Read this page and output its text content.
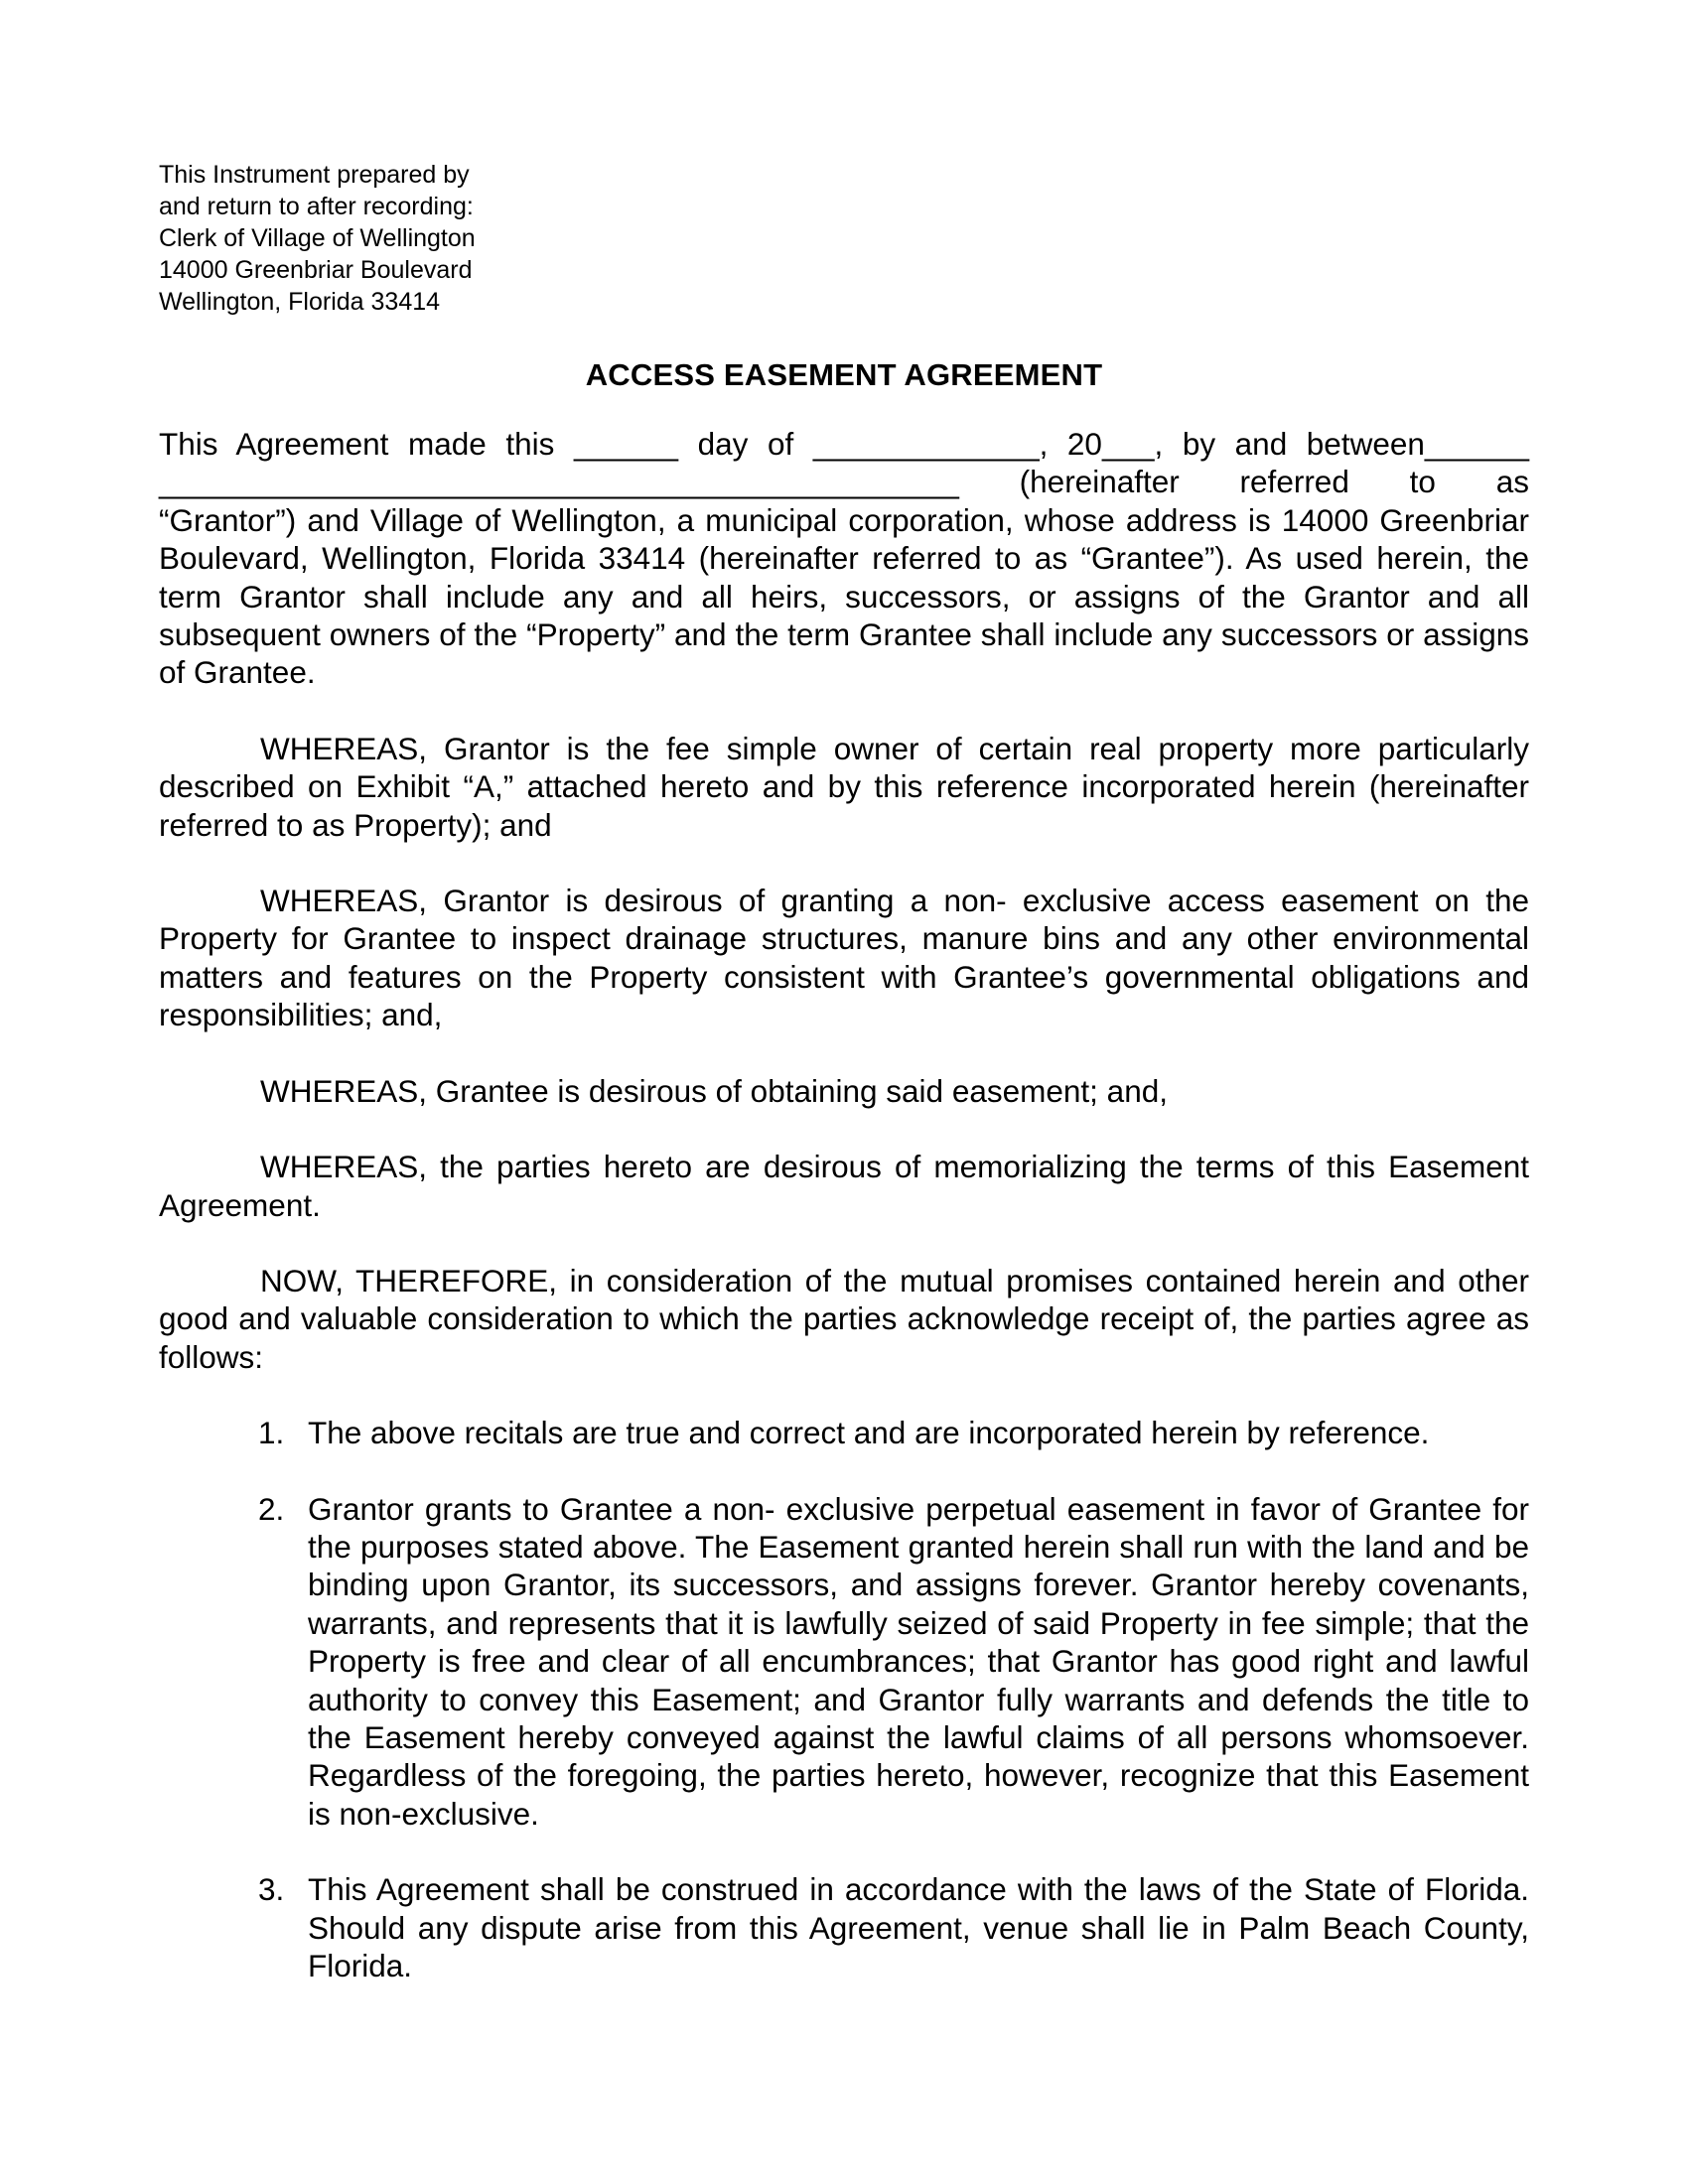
This Instrument prepared by
and return to after recording:
Clerk of Village of Wellington
14000 Greenbriar Boulevard
Wellington, Florida 33414
ACCESS EASEMENT AGREEMENT
This Agreement made this ______ day of _____________, 20___, by and between______
______________________________________________ (hereinafter referred to as
“Grantor”) and Village of Wellington, a municipal corporation, whose address is 14000 Greenbriar Boulevard, Wellington, Florida 33414 (hereinafter referred to as “Grantee”). As used herein, the term Grantor shall include any and all heirs, successors, or assigns of the Grantor and all subsequent owners of the “Property” and the term Grantee shall include any successors or assigns of Grantee.

WHEREAS, Grantor is the fee simple owner of certain real property more particularly described on Exhibit “A,” attached hereto and by this reference incorporated herein (hereinafter referred to as Property); and

WHEREAS, Grantor is desirous of granting a non- exclusive access easement on the Property for Grantee to inspect drainage structures, manure bins and any other environmental matters and features on the Property consistent with Grantee’s governmental obligations and responsibilities; and,

WHEREAS, Grantee is desirous of obtaining said easement; and,

WHEREAS, the parties hereto are desirous of memorializing the terms of this Easement Agreement.

NOW, THEREFORE, in consideration of the mutual promises contained herein and other good and valuable consideration to which the parties acknowledge receipt of, the parties agree as follows:

1. The above recitals are true and correct and are incorporated herein by reference.
2. Grantor grants to Grantee a non- exclusive perpetual easement in favor of Grantee for the purposes stated above. The Easement granted herein shall run with the land and be binding upon Grantor, its successors, and assigns forever. Grantor hereby covenants, warrants, and represents that it is lawfully seized of said Property in fee simple; that the Property is free and clear of all encumbrances; that Grantor has good right and lawful authority to convey this Easement; and Grantor fully warrants and defends the title to the Easement hereby conveyed against the lawful claims of all persons whomsoever. Regardless of the foregoing, the parties hereto, however, recognize that this Easement is non-exclusive.
3. This Agreement shall be construed in accordance with the laws of the State of Florida. Should any dispute arise from this Agreement, venue shall lie in Palm Beach County, Florida.
